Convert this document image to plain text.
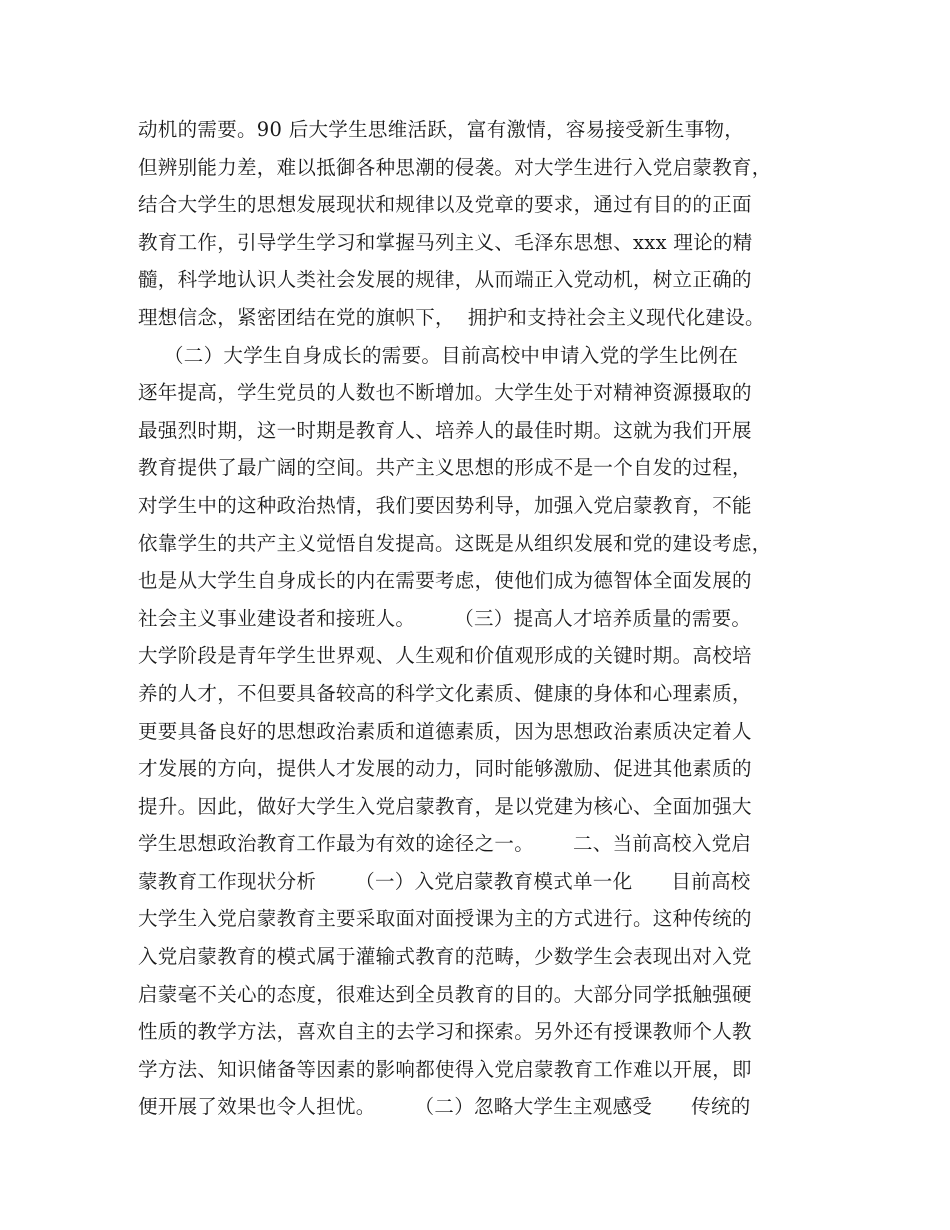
动机的需要。90 后大学生思维活跃，富有激情，容易接受新生事物，
但辨别能力差，难以抵御各种思潮的侵袭。对大学生进行入党启蒙教育，
结合大学生的思想发展现状和规律以及党章的要求，通过有目的的正面
教育工作，引导学生学习和掌握马列主义、毛泽东思想、xxx 理论的精
髓，科学地认识人类社会发展的规律，从而端正入党动机，树立正确的
理想信念，紧密团结在党的旗帜下，  拥护和支持社会主义现代化建设。
（二）大学生自身成长的需要。目前高校中申请入党的学生比例在
逐年提高，学生党员的人数也不断增加。大学生处于对精神资源摄取的
最强烈时期，这一时期是教育人、培养人的最佳时期。这就为我们开展
教育提供了最广阔的空间。共产主义思想的形成不是一个自发的过程，
对学生中的这种政治热情，我们要因势利导，加强入党启蒙教育，不能
依靠学生的共产主义觉悟自发提高。这既是从组织发展和党的建设考虑，
也是从大学生自身成长的内在需要考虑，使他们成为德智体全面发展的
社会主义事业建设者和接班人。      （三）提高人才培养质量的需要。
大学阶段是青年学生世界观、人生观和价值观形成的关键时期。高校培
养的人才，不但要具备较高的科学文化素质、健康的身体和心理素质，
更要具备良好的思想政治素质和道德素质，因为思想政治素质决定着人
才发展的方向，提供人才发展的动力，同时能够激励、促进其他素质的
提升。因此，做好大学生入党启蒙教育，是以党建为核心、全面加强大
学生思想政治教育工作最为有效的途径之一。      二、当前高校入党启
蒙教育工作现状分析      （一）入党启蒙教育模式单一化      目前高校
大学生入党启蒙教育主要采取面对面授课为主的方式进行。这种传统的
入党启蒙教育的模式属于灌输式教育的范畴，少数学生会表现出对入党
启蒙毫不关心的态度，很难达到全员教育的目的。大部分同学抵触强硬
性质的教学方法，喜欢自主的去学习和探索。另外还有授课教师个人教
学方法、知识储备等因素的影响都使得入党启蒙教育工作难以开展，即
便开展了效果也令人担忧。      （二）忽略大学生主观感受      传统的
